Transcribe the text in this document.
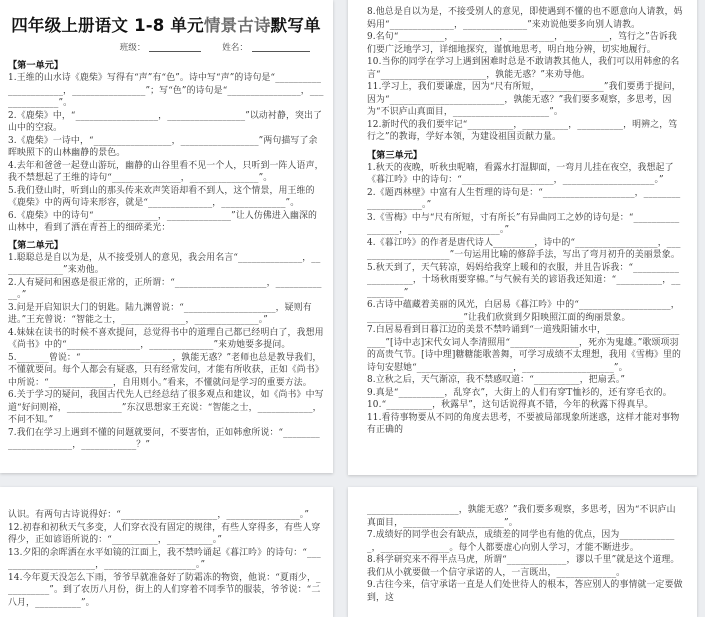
四年级上册语文 1-8 单元情景古诗默写单
班级：	姓名：
【第一单元】
1.王维的山水诗《鹿柴》写得有“声”有“色”。诗中写“声”的诗句是“______________________，________________”；写“色”的诗句是“________________，______________”。
2.《鹿柴》中，“__________________，_________________”以动衬静，突出了山中的空寂。
3.《鹿柴》一诗中，“_________________，_________________”两句描写了余晖映照下的山林幽静的景色。
4.去年和爸爸一起登山游玩，幽静的山谷里看不见一个人，只听到一阵人语声，我不禁想起了王维的诗句“_______________，_______________”。
5.我们登山时，听到山的那头传来欢声笑语却看不到人，这个情景，用王维的《鹿柴》中的两句诗来形容，就是“______________，______________”。
6.《鹿柴》中的诗句“______________，______________”让人仿佛进入幽深的山林中，看到了洒在青苔上的细碎柔光：
【第二单元】
1.聪聪总是自以为是，从不接受别人的意见，我会用名言“______________，______________”来劝他。
2.人有疑问和困惑是很正常的，正所谓：“____________________，____________。”
3.问是开启知识大门的钥匙。陆九渊曾说：“____________________，疑则有进。”王充曾说：“智能之士，______________，______________。”
4.妹妹在读书的时候不喜欢提问，总觉得书中的道理自己都已经明白了，我想用《尚书》中的“________________，______________”来劝她要多提问。
5._______曾说：“____________________，孰能无惑？”老师也总是教导我们，不懂就要问。每个人都会有疑惑，只有经常发问，才能有所收获，正如《尚书》中所说：“______________，自用则小。”看来，不懂就问是学习的重要方法。
6.关于学习的疑问，我国古代先人已经总结了很多观点和建议，如《尚书》中写道“好问则裕，____________”东汉思想家王充说：“智能之士，____________，不问不知。”
7.我们在学习上遇到不懂的问题就要问，不要害怕，正如韩愈所说：“______________________，____________？”
8.他总是自以为是，不接受别人的意见，即使遇到不懂的也不愿意向人请教，妈妈用“______________，______________”来劝说他要多向别人请教。
9.名句“__________，__________，__________，__________，笃行之”告诉我们要广泛地学习，详细地探究，谨慎地思考，明白地分辨，切实地履行。
10.当你的同学在学习上遇到困难时总是不敢请教其他人，我们可以用韩愈的名言“_______________________，孰能无惑？”来劝导他。
11.学习上，我们要谦虚，因为“尺有所短，______________”我们要勇于提问，因为“_________________________，孰能无惑？”我们要多观察，多思考，因为“不识庐山真面目，_____________________”。
12.新时代的我们要牢记“__________，__________，__________，明辨之，笃行之”的教诲，学好本领，为建设祖国贡献力量。
【第三单元】
1.秋天的夜晚，听秋虫呢喃，看露水打湿脚面，一弯月儿挂在夜空，我想起了《暮江吟》中的诗句：“____________________，____________________。”
2.《题西林壁》中富有人生哲理的诗句是：“____________________，____________________。”
3.《雪梅》中与“尺有所短，寸有所长”有异曲同工之妙的诗句是：“_________________，____________________。”
4.《暮江吟》的作者是唐代诗人_________，诗中的“__________________，_____________________”一句运用比喻的修辞手法，写出了弯月初升的美丽景象。
5.秋天到了，天气转凉，妈妈给我穿上暖和的衣服，并且告诉我：“____________________，十场秋雨要穿棉。”与气候有关的谚语我还知道：“__________，__________”
6.古诗中蕴藏着美丽的风光，白居易《暮江吟》中的“____________________，_____________________”让我们欣赏到夕阳映照江面的绚丽景象。
7.白居易看到日暮江边的美景不禁吟诵到“一道残阳铺水中，____________________”[诗中志]宋代女词人李清照用“_______________，死亦为鬼雄。”歌颂项羽的高贵气节。[诗中理]糖糖能歌善舞，可学习成绩不太理想，我用《雪梅》里的诗句安慰她“_____________________，____________________”。
8.立秋之后，天气渐凉，我不禁感叹道：“__________，把扇丢。”
9.真是“__________，乱穿衣”，大街上的人们有穿T恤衫的，还有穿毛衣的。
10.“__________，秋露早”，这句话说得真不错，今年的秋露下得真早。
11.看待事物要从不同的角度去思考，不要被局部现象所迷惑，这样才能对事物有正确的
认识。有两句古诗说得好：“_____________________，________________。”
12.初春和初秋天气多变，人们穿衣没有固定的规律，有些人穿得多，有些人穿得少，正如谚语所说的：“__________，__________。”
13.夕阳的余晖洒在水平如镜的江面上，我不禁吟诵起《暮江吟》的诗句：“______________________，____________________。”
14.今年夏天没怎么下雨，爷爷早就准备好了防霜冻的物资，他说：“夏雨少，__________”。到了农历八月份，街上的人们穿着不同季节的服装，爷爷说：“二八月，__________”。
____________________，孰能无惑？”我们要多观察，多思考，因为“不识庐山真面目，______________________”。
7.成绩好的同学也会有缺点，成绩差的同学也有他的优点，因为_____________，_______________。每个人都要虚心向别人学习，才能不断进步。
8.科学研究来不得半点马虎，所谓“_____________，谬以千里”就是这个道理。我们从小就要做一个信守承诺的人，一言既出，_____________。
9.古往今来，信守承诺一直是人们处世待人的根本，答应别人的事情就一定要做到，这
